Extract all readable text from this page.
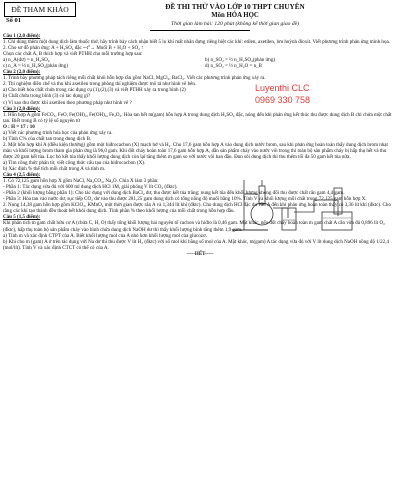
ĐỀ THAM KHẢO
Số 01
ĐỀ THI THỬ VÀO LỚP 10 THPT CHUYÊN
Môn HÓA HỌC
Thời gian làm bài: 120 phút (không kể thời gian giao đề)
Luyenthi CLC
0969 330 758

Câu 1 (2,0 điểm):

1. Chỉ dùng thêm một dung dịch làm thuốc thử, hãy trình bày cách nhận biết 5 lọ khí mất nhãn đựng riêng biệt các khí: etilen, axetilen, lưu huỳnh đioxit. Viết phương trình phản ứng minh họa.

2. Cho sơ đồ phản ứng: A + H₂SO₄ đặc ─t°→ Muối B + H₂O + SO₂ ↑

Chọn các chất A, B thích hợp và viết PTHH cho mỗi trường hợp sau:

a) n_A(dư) = n_H₂SO₄	b) n_SO₂ = ½ n_H₂SO₄(phản ứng)
c) n_A = ⅓ n_H₂SO₄(phản ứng)	d) n_SO₂ = ½ n_H₂O = n_B

Câu 2 (2,0 điểm):

1. Trình bày phương pháp tách riêng mỗi chất khỏi hỗn hợp rắn gồm NaCl, MgCl₂, BaCl₂. Viết các phương trình phản ứng xảy ra.

2. Thí nghiệm điều chế và thu khí axetilen trong phòng thí nghiệm được mô tả như hình vẽ bên.

a) Cho biết hóa chất chứa trong các dụng cụ (1),(2),(3) và viết PTHH xảy ra trong bình (2)

b) Chất chứa trong bình (3) có tác dụng gì?

c) Vì sao thu được khí axetilen theo phương pháp như hình vẽ ?

Câu 3 (2,0 điểm):

1. Hỗn hợp A gồm FeCO₃, FeO, Fe(OH)₂, Fe(OH)₃, Fe₃O₄. Hòa tan hết m(gam) hỗn hợp A trong dung dịch H₂SO₄ đặc, nóng dến khi phản ứng kết thúc thu được dung dịch B chỉ chứa một chất tan. Biết trong B có tỷ lệ số nguyên tử

O : H = 17 : 10

a) Viết các phương trình hóa học của phản ứng xảy ra.

b) Tính C% của chất tan trong dung dịch B.

2. Một hỗn hợp khí A (điều kiện thường) gồm một hiđrocacbon (X) mạch hở và H₂. Cho 17,6 gam hỗn hợp A vào dung dịch nước brom, sau khi phản ứng hoàn toàn thấy dung dịch brom nhạt màu và khối lượng brom tham gia phản ứng là 96,0 gam. Khi đốt cháy hoàn toàn 17,6 gam hỗn hợp A, dẫn sản phẩm cháy vào nước vôi trong thì toàn bộ sản phẩm cháy bị hấp thụ hết và thu được 20 gam kết tủa. Lọc bỏ kết tủa thấy khối lượng dung dịch còn lại tăng thêm m gam so với nước vôi ban đầu. Đun sôi dung dịch thì thu thêm tối đa 50 gam kết tủa nữa.

a) Tìm công thức phân tử, viết công thức cấu tạo của hiđrocacbon (X).

b) Xác định % thể tích mỗi chất trong A và tính m.

Câu 4 (2,5 điểm):

1. Có 72,125 gam hỗn hợp X gồm NaCl, Na₂CO₃, Na₂O. Chia X làm 3 phần:

- Phần 1: Tác dụng vừa đủ với 600 ml dung dịch HCl 1M, giải phóng V lít CO₂ (đktc).

- Phần 2 (khối lượng bằng phần 1): Cho tác dụng với dung dịch BaCl₂ dư, thu được kết tủa trắng; nung kết tủa đến khối lượng không đổi thu được chất rắn gam 4,4 gam.

- Phần 3: Hòa tan vào nước dư, sục tiếp CO₂ dư vào thu được 281,25 gam dung dịch có tổng nồng độ muối bằng 10%. Tính V và khối lượng mỗi chất trong 72,125 gam hỗn hợp X.

2. Nung 14,38 gam hỗn hợp gồm KClO₃, KMnO₄ một thời gian được rắn A và 1,344 lít khí (đktc). Cho dung dịch HCl đặc dư vào A đến khi phản ứng hoàn toàn thấy có 3,36 lít khí (đktc). Cho rằng các khí tạo thành đều thoát hết khỏi dung dịch. Tính phần % theo khối lượng của mỗi chất trong hỗn hợp đầu.

Câu 5 (1,5 điểm):

Khi phân tích m gam chất hữu cơ A (chứa C, H, O) thấy tổng khối lượng hai nguyên tố cacbon và hiđro là 0,46 gam. Mặt khác, nếu đốt cháy hoàn toàn m gam chất A cần vừa đủ 0,896 lít O₂ (đktc), hấp thụ toàn bộ sản phẩm cháy vào bình chứa dung dịch NaOH dư thì thấy khối lượng bình tăng thêm 1,9 gam.

a) Tính m và xác định CTPT của A. Biết khối lượng mol của A nhỏ hơn khối lượng mol của glucozơ.

b) Khi cho m (gam) A ở trên tác dụng với Na dư thì thu được V lít H₂ (đktc) với số mol khí bằng số mol của A. Mặt khác, m(gam) A tác dụng vừa đủ với V lít dung dịch NaOH nồng độ 1/22,4 (mol/lít). Tính V và xác định CTCT có thể có của A.

-----HẾT-----
